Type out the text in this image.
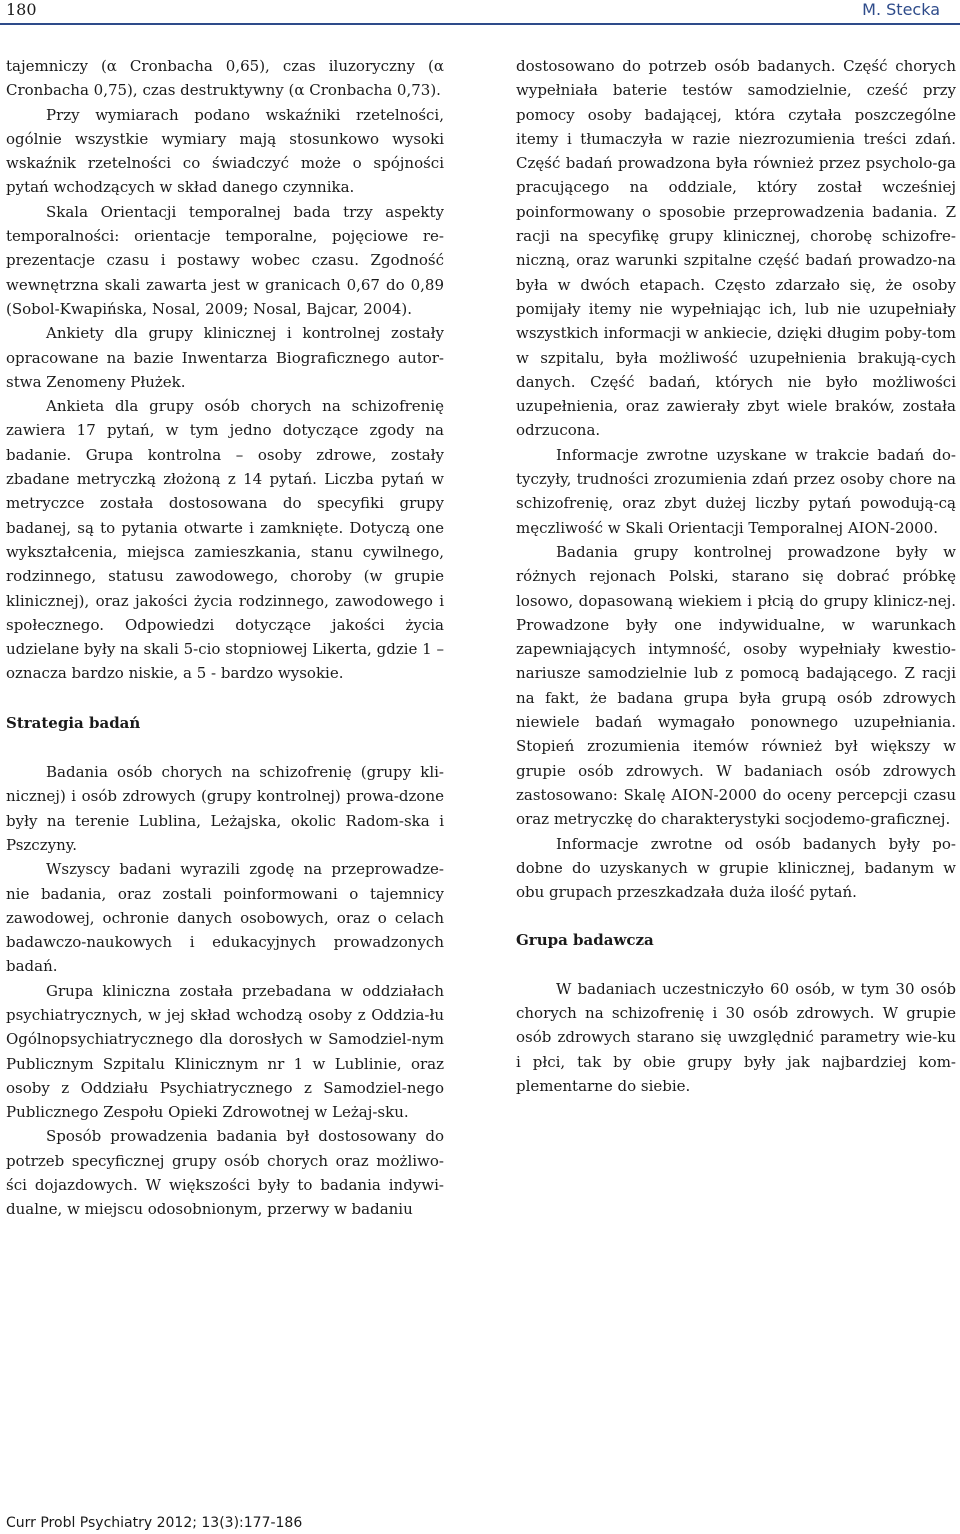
180	M. Stecka

tajemniczy (α Cronbacha 0,65), czas iluzoryczny (α Cronbacha 0,75), czas destruktywny (α Cronbacha 0,73).

Przy wymiarach podano wskaźniki rzetelności, ogólnie wszystkie wymiary mają stosunkowo wysoki wskaźnik rzetelności co świadczyć może o spójności pytań wchodzących w skład danego czynnika.

Skala Orientacji temporalnej bada trzy aspekty temporalności: orientacje temporalne, pojęciowe re-prezentacje czasu i postawy wobec czasu. Zgodność wewnętrzna skali zawarta jest w granicach 0,67 do 0,89 (Sobol-Kwapińska, Nosal, 2009; Nosal, Bajcar, 2004).

Ankiety dla grupy klinicznej i kontrolnej zostały opracowane na bazie Inwentarza Biograficznego autor-stwa Zenomeny Płużek.

Ankieta dla grupy osób chorych na schizofrenię zawiera 17 pytań, w tym jedno dotyczące zgody na badanie. Grupa kontrolna – osoby zdrowe, zostały zbadane metryczką złożoną z 14 pytań. Liczba pytań w metryczce została dostosowana do specyfiki grupy badanej, są to pytania otwarte i zamknięte. Dotyczą one wykształcenia, miejsca zamieszkania, stanu cywilnego, rodzinnego, statusu zawodowego, choroby (w grupie klinicznej), oraz jakości życia rodzinnego, zawodowego i społecznego. Odpowiedzi dotyczące jakości życia udzielane były na skali 5-cio stopniowej Likerta, gdzie 1 – oznacza bardzo niskie, a 5 - bardzo wysokie.

Strategia badań

Badania osób chorych na schizofrenię (grupy kli-nicznej) i osób zdrowych (grupy kontrolnej) prowa-dzone były na terenie Lublina, Leżajska, okolic Radom-ska i Pszczyny.

Wszyscy badani wyrazili zgodę na przeprowadze-nie badania, oraz zostali poinformowani o tajemnicy zawodowej, ochronie danych osobowych, oraz o celach badawczo-naukowych i edukacyjnych prowadzonych badań.

Grupa kliniczna została przebadana w oddziałach psychiatrycznych, w jej skład wchodzą osoby z Oddzia-łu Ogólnopsychiatrycznego dla dorosłych w Samodziel-nym Publicznym Szpitalu Klinicznym nr 1 w Lublinie, oraz osoby z Oddziału Psychiatrycznego z Samodziel-nego Publicznego Zespołu Opieki Zdrowotnej w Leżaj-sku.

Sposób prowadzenia badania był dostosowany do potrzeb specyficznej grupy osób chorych oraz możliwo-ści dojazdowych. W większości były to badania indywi-dualne, w miejscu odosobnionym, przerwy w badaniu

dostosowano do potrzeb osób badanych. Część chorych wypełniała baterie testów samodzielnie, cześć przy pomocy osoby badającej, która czytała poszczególne itemy i tłumaczyła w razie niezrozumienia treści zdań. Część badań prowadzona była również przez psycholo-ga pracującego na oddziale, który został wcześniej poinformowany o sposobie przeprowadzenia badania. Z racji na specyfikę grupy klinicznej, chorobę schizofre-niczną, oraz warunki szpitalne część badań prowadzo-na była w dwóch etapach. Często zdarzało się, że osoby pomijały itemy nie wypełniając ich, lub nie uzupełniały wszystkich informacji w ankiecie, dzięki długim poby-tom w szpitalu, była możliwość uzupełnienia brakują-cych danych. Część badań, których nie było możliwości uzupełnienia, oraz zawierały zbyt wiele braków, została odrzucona.

Informacje zwrotne uzyskane w trakcie badań do-tyczyły, trudności zrozumienia zdań przez osoby chore na schizofrenię, oraz zbyt dużej liczby pytań powodują-cą męczliwość w Skali Orientacji Temporalnej AION-2000.

Badania grupy kontrolnej prowadzone były w różnych rejonach Polski, starano się dobrać próbkę losowo, dopasowaną wiekiem i płcią do grupy klinicz-nej. Prowadzone były one indywidualne, w warunkach zapewniających intymność, osoby wypełniały kwestio-nariusze samodzielnie lub z pomocą badającego. Z racji na fakt, że badana grupa była grupą osób zdrowych niewiele badań wymagało ponownego uzupełniania. Stopień zrozumienia itemów również był większy w grupie osób zdrowych. W badaniach osób zdrowych zastosowano: Skalę AION-2000 do oceny percepcji czasu oraz metryczkę do charakterystyki socjodemo-graficznej.

Informacje zwrotne od osób badanych były po-dobne do uzyskanych w grupie klinicznej, badanym w obu grupach przeszkadzała duża ilość pytań.

Grupa badawcza

W badaniach uczestniczyło 60 osób, w tym 30 osób chorych na schizofrenię i 30 osób zdrowych. W grupie osób zdrowych starano się uwzględnić parametry wie-ku i płci, tak by obie grupy były jak najbardziej kom-plementarne do siebie.

Curr Probl Psychiatry 2012; 13(3):177-186
